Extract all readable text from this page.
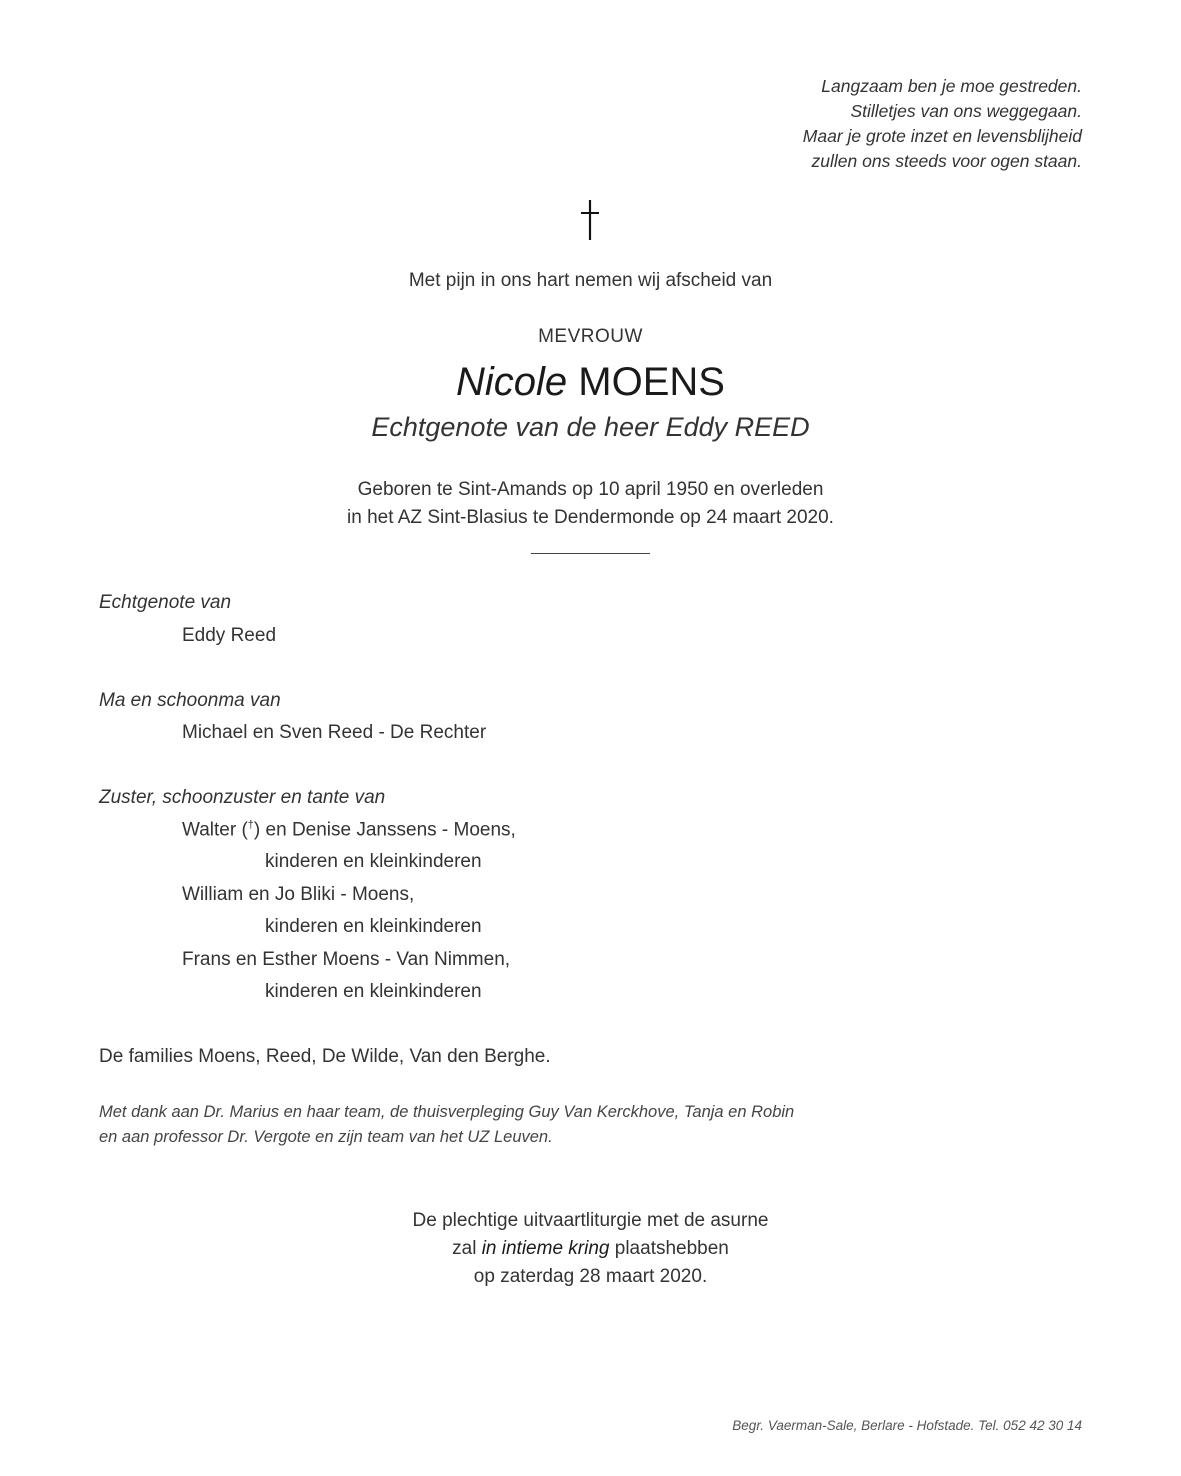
Langzaam ben je moe gestreden.
Stilletjes van ons weggegaan.
Maar je grote inzet en levensblijheid
zullen ons steeds voor ogen staan.
Met pijn in ons hart nemen wij afscheid van
MEVROUW
Nicole MOENS
Echtgenote van de heer Eddy REED
Geboren te Sint-Amands op 10 april 1950 en overleden
in het AZ Sint-Blasius te Dendermonde op 24 maart 2020.
Echtgenote van
Eddy Reed
Ma en schoonma van
Michael en Sven Reed - De Rechter
Zuster, schoonzuster en tante van
Walter (†) en Denise Janssens - Moens,
kinderen en kleinkinderen
William en Jo Bliki - Moens,
kinderen en kleinkinderen
Frans en Esther Moens - Van Nimmen,
kinderen en kleinkinderen
De families Moens, Reed, De Wilde, Van den Berghe.
Met dank aan Dr. Marius en haar team, de thuisverpleging Guy Van Kerckhove, Tanja en Robin
en aan professor Dr. Vergote en zijn team van het UZ Leuven.
De plechtige uitvaartliturgie met de asurne
zal in intieme kring plaatshebben
op zaterdag 28 maart 2020.
Begr. Vaerman-Sale, Berlare - Hofstade. Tel. 052 42 30 14
